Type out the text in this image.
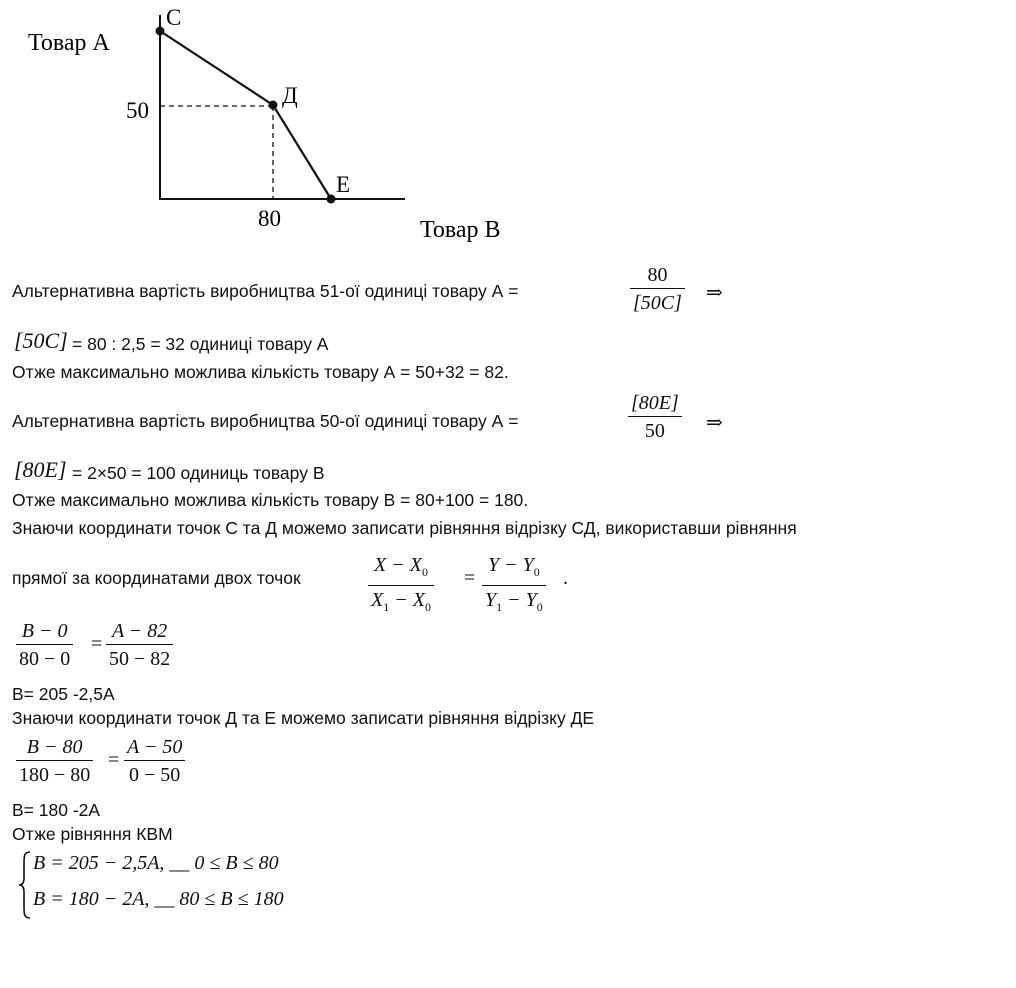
Товар А
Товар В
50
80
С
Д
Е
Альтернативна вартість виробництва 51-ої одиниці товару А =	$\frac{80}{[50C]}$ ⇒
[50C] = 80 : 2,5 = 32 одиниці товару А
Отже максимально можлива кількість товару А = 50+32 = 82.
Альтернативна вартість виробництва 50-ої одиниці товару А =	$\frac{[80E]}{50}$ ⇒
[80E] = 2×50 = 100 одиниць товару В
Отже максимально можлива кількість товару В = 80+100 = 180.
Знаючи координати точок С та Д можемо записати рівняння відрізку СД, використавши рівняння
прямої за координатами двох точок	$\frac{X - X_0}{X_1 - X_0} = \frac{Y - Y_0}{Y_1 - Y_0}$ .
$\frac{B - 0}{80 - 0} = \frac{A - 82}{50 - 82}$
B= 205 -2,5A
Знаючи координати точок Д та Е можемо записати рівняння відрізку ДЕ
$\frac{B - 80}{180 - 80} = \frac{A - 50}{0 - 50}$
B= 180 -2A
Отже рівняння КВМ
B = 205 − 2,5A, __ 0 ≤ B ≤ 80
B = 180 − 2A, __ 80 ≤ B ≤ 180
